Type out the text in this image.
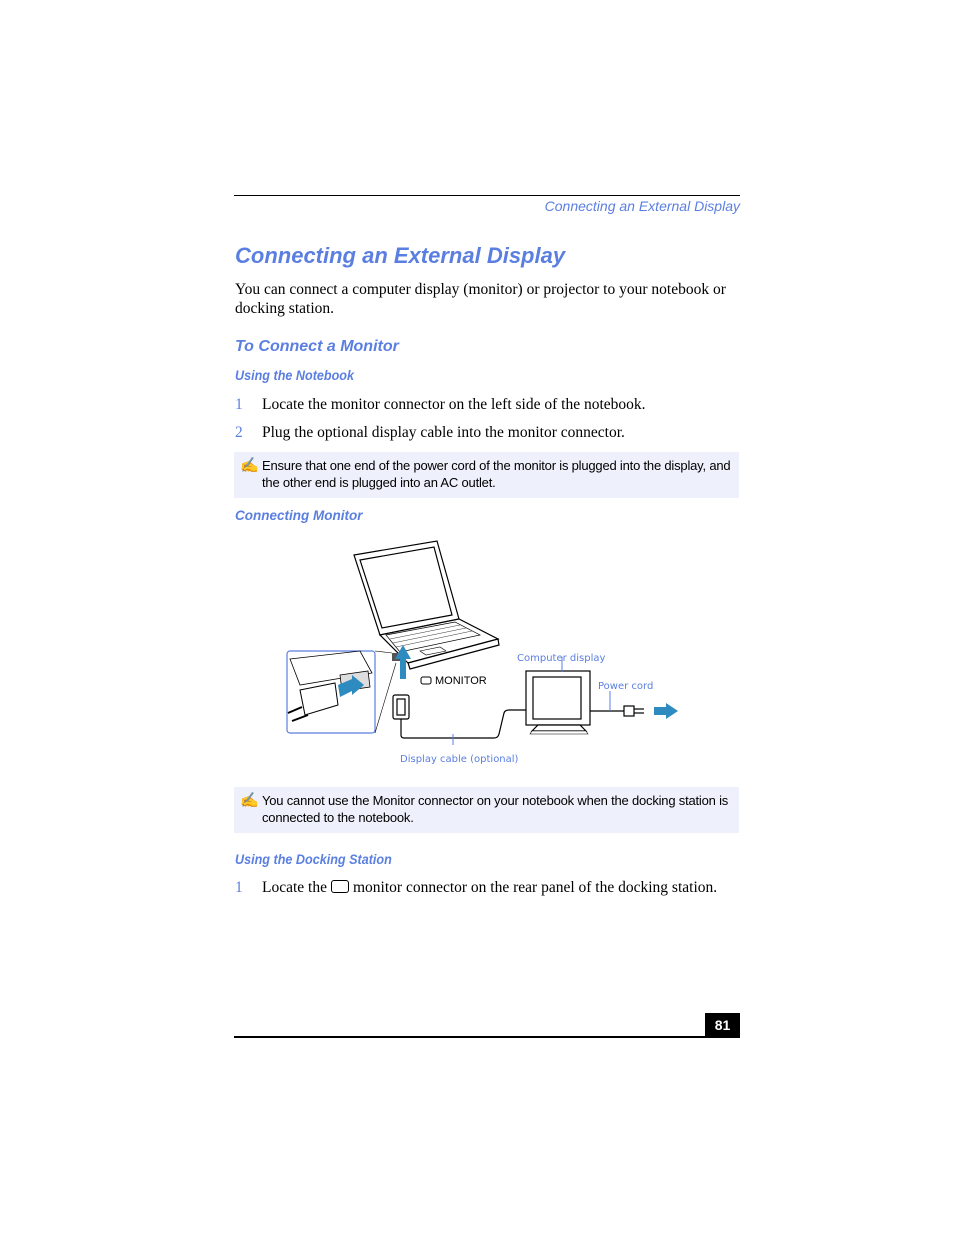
Connecting an External Display
Connecting an External Display
You can connect a computer display (monitor) or projector to your notebook or docking station.
To Connect a Monitor
Using the Notebook
1 Locate the monitor connector on the left side of the notebook.
2 Plug the optional display cable into the monitor connector.
✍ Ensure that one end of the power cord of the monitor is plugged into the display, and the other end is plugged into an AC outlet.
Connecting Monitor
Computer display
Power cord
Display cable (optional)
MONITOR
✍ You cannot use the Monitor connector on your notebook when the docking station is connected to the notebook.
Using the Docking Station
1 Locate the monitor connector on the rear panel of the docking station.
81
